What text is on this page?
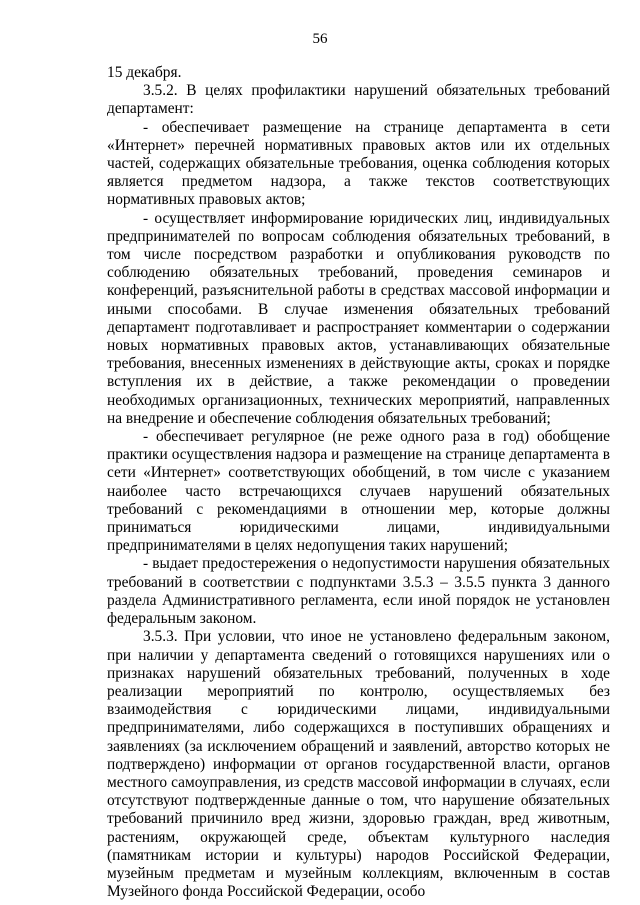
56

15 декабря.

3.5.2. В целях профилактики нарушений обязательных требований департамент:

- обеспечивает размещение на странице департамента в сети «Интернет» перечней нормативных правовых актов или их отдельных частей, содержащих обязательные требования, оценка соблюдения которых является предметом надзора, а также текстов соответствующих нормативных правовых актов;

- осуществляет информирование юридических лиц, индивидуальных предпринимателей по вопросам соблюдения обязательных требований, в том числе посредством разработки и опубликования руководств по соблюдению обязательных требований, проведения семинаров и конференций, разъяснительной работы в средствах массовой информации и иными способами. В случае изменения обязательных требований департамент подготавливает и распространяет комментарии о содержании новых нормативных правовых актов, устанавливающих обязательные требования, внесенных изменениях в действующие акты, сроках и порядке вступления их в действие, а также рекомендации о проведении необходимых организационных, технических мероприятий, направленных на внедрение и обеспечение соблюдения обязательных требований;

- обеспечивает регулярное (не реже одного раза в год) обобщение практики осуществления надзора и размещение на странице департамента в сети «Интернет» соответствующих обобщений, в том числе с указанием наиболее часто встречающихся случаев нарушений обязательных требований с рекомендациями в отношении мер, которые должны приниматься юридическими лицами, индивидуальными предпринимателями в целях недопущения таких нарушений;

- выдает предостережения о недопустимости нарушения обязательных требований в соответствии с подпунктами 3.5.3 – 3.5.5 пункта 3 данного раздела Административного регламента, если иной порядок не установлен федеральным законом.

3.5.3. При условии, что иное не установлено федеральным законом, при наличии у департамента сведений о готовящихся нарушениях или о признаках нарушений обязательных требований, полученных в ходе реализации мероприятий по контролю, осуществляемых без взаимодействия с юридическими лицами, индивидуальными предпринимателями, либо содержащихся в поступивших обращениях и заявлениях (за исключением обращений и заявлений, авторство которых не подтверждено) информации от органов государственной власти, органов местного самоуправления, из средств массовой информации в случаях, если отсутствуют подтвержденные данные о том, что нарушение обязательных требований причинило вред жизни, здоровью граждан, вред животным, растениям, окружающей среде, объектам культурного наследия (памятникам истории и культуры) народов Российской Федерации, музейным предметам и музейным коллекциям, включенным в состав Музейного фонда Российской Федерации, особо
